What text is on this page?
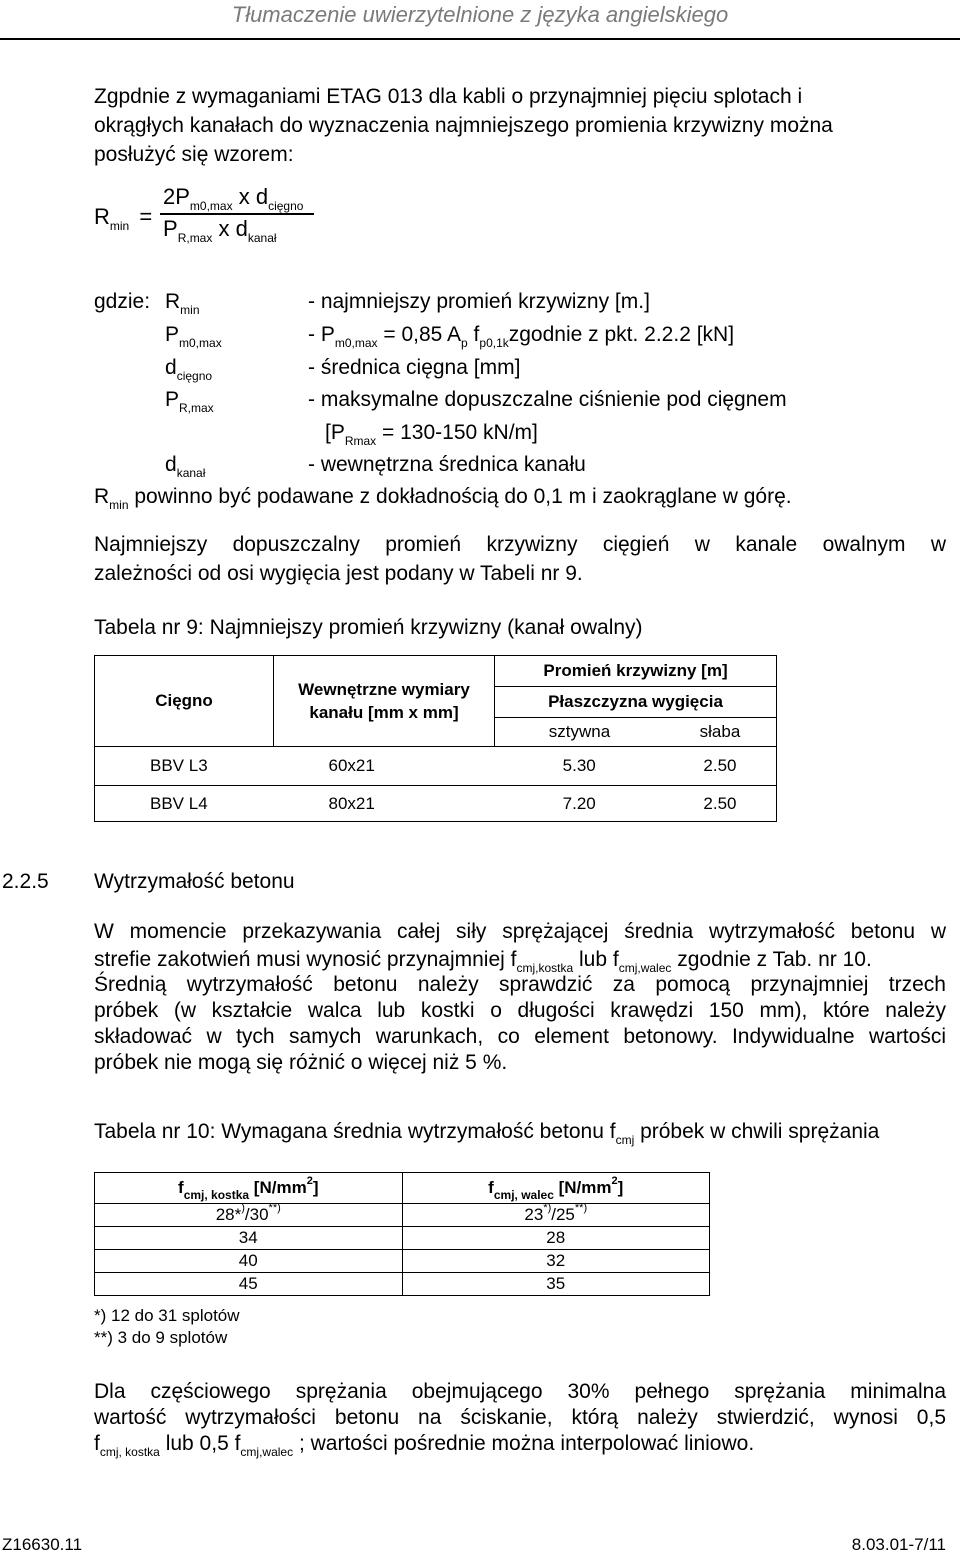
Tłumaczenie uwierzytelnione z języka angielskiego
Zgpdnie z wymaganiami ETAG 013 dla kabli o przynajmniej pięciu splotach i
okrągłych kanałach do wyznaczenia najmniejszego promienia krzywizny można
posłużyć się wzorem:
$R_{min}$ =
$2P_{m0,max}$ x $d_{cięgno}$
$P_{R,max}$ x $d_{kanał}$
gdzie: $R_{min}$	- najmniejszy promień krzywizny [m.]
$P_{m0,max}$	- $P_{m0,max} = 0,85$ $A_p$ $f_{p0,1k}zgodnie$ z pkt. 2.2.2 [kN]
$d_{cięgno}$	- średnica cięgna [mm]
$P_{R,max}$	- maksymalne dopuszczalne ciśnienie pod cięgnem
[$P_{Rmax} = 130-150$ kN/m]
$d_{kanał}$	- wewnętrzna średnica kanału
$R_{min}$ powinno być podawane z dokładnością do 0,1 m i zaokrąglane w górę.
Najmniejszy dopuszczalny promień krzywizny cięgień w kanale owalnym w
zależności od osi wygięcia jest podany w Tabeli nr 9.
Tabela nr 9: Najmniejszy promień krzywizny (kanał owalny)
Cięgno	Wewnętrzne wymiary kanału [mm x mm]	Promień krzywizny [m]	
		Płaszczyzna wygięcia	
		sztywna	słaba
BBV L3	60x21	5.30	2.50
BBV L4	80x21	7.20	2.50
2.2.5 Wytrzymałość betonu
W momencie przekazywania całej siły sprężającej średnia wytrzymałość betonu w
strefie zakotwień musi wynosić przynajmniej $f_{cmj,kostka}$ lub $f_{cmj,walec}$ zgodnie z Tab. nr 10.
Średnią wytrzymałość betonu należy sprawdzić za pomocą przynajmniej trzech
próbek (w kształcie walca lub kostki o długości krawędzi 150 mm), które należy
składować w tych samych warunkach, co element betonowy. Indywidualne wartości
próbek nie mogą się różnić o więcej niż 5 %.
Tabela nr 10: Wymagana średnia wytrzymałość betonu $f_{cmj}$ próbek w chwili sprężania
$f_{cmj, kostka}$ $[N/mm^2]$	$f_{cmj, walec}$ $[N/mm^2]$
28*)/30**)	23*)/25**)
34	28
40	32
45	35
*) 12 do 31 splotów
**) 3 do 9 splotów
Dla częściowego sprężania obejmującego 30% pełnego sprężania minimalna
wartość wytrzymałości betonu na ściskanie, którą należy stwierdzić, wynosi 0,5
$f_{cmj, kostka}$ lub 0,5 $f_{cmj,walec}$ ; wartości pośrednie można interpolować liniowo.
Z16630.11	8.03.01-7/11
